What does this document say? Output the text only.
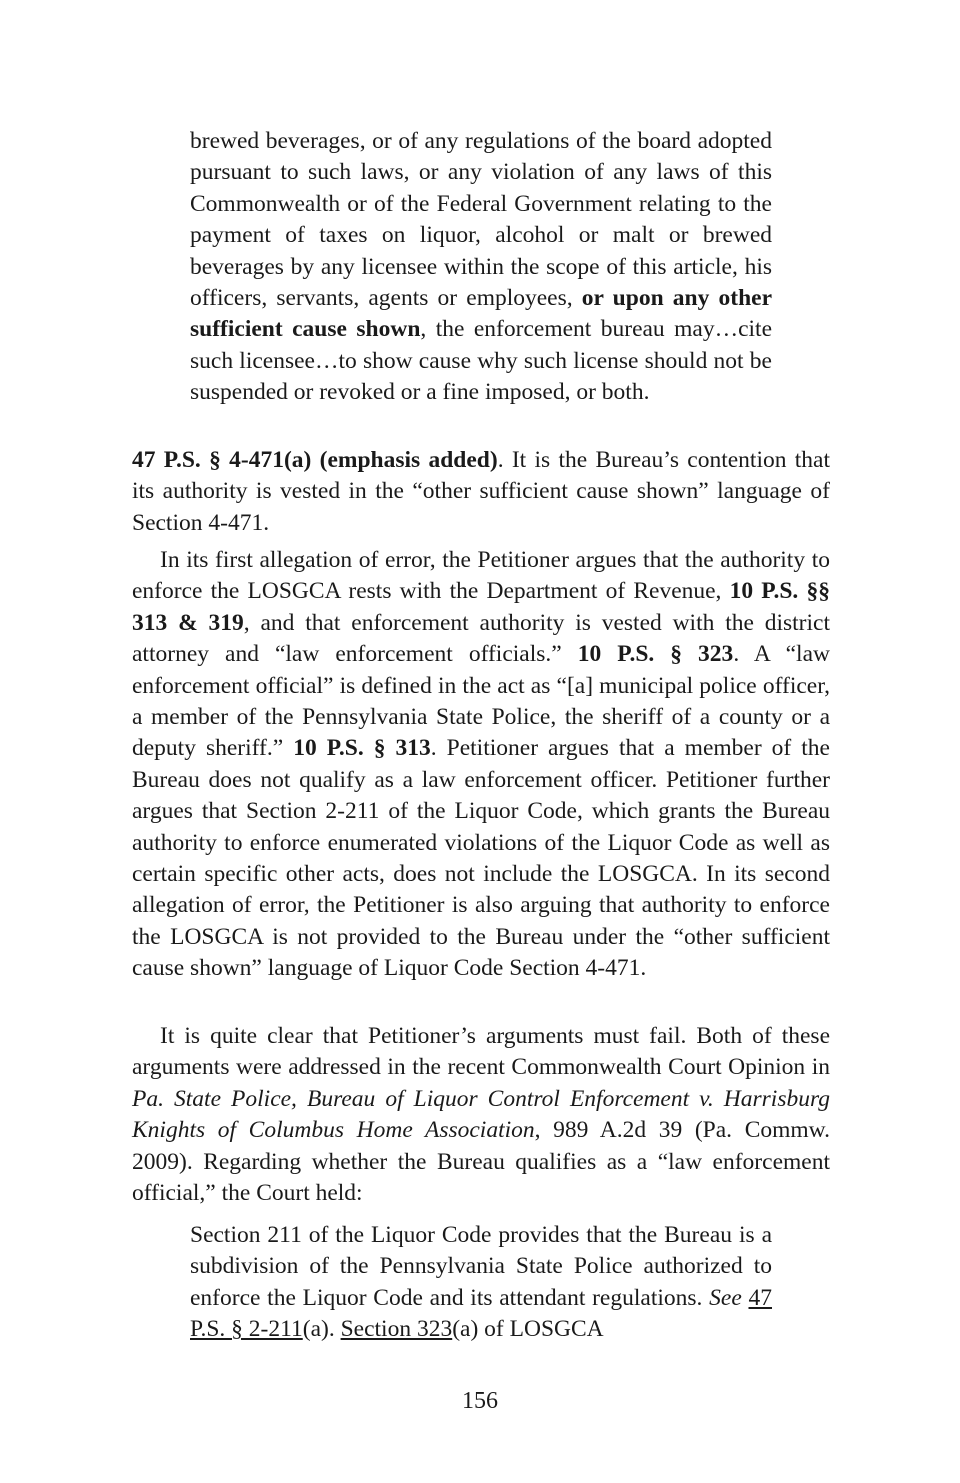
brewed beverages, or of any regulations of the board adopted pursuant to such laws, or any violation of any laws of this Commonwealth or of the Federal Government relating to the payment of taxes on liquor, alcohol or malt or brewed beverages by any licensee within the scope of this article, his officers, servants, agents or employees, or upon any other sufficient cause shown, the enforcement bureau may…cite such licensee…to show cause why such license should not be suspended or revoked or a fine imposed, or both.
47 P.S. § 4-471(a) (emphasis added). It is the Bureau’s contention that its authority is vested in the “other sufficient cause shown” language of Section 4-471.
In its first allegation of error, the Petitioner argues that the authority to enforce the LOSGCA rests with the Department of Revenue, 10 P.S. §§ 313 & 319, and that enforcement authority is vested with the district attorney and “law enforcement officials.” 10 P.S. § 323. A “law enforcement official” is defined in the act as “[a] municipal police officer, a member of the Pennsylvania State Police, the sheriff of a county or a deputy sheriff.” 10 P.S. § 313. Petitioner argues that a member of the Bureau does not qualify as a law enforcement officer. Petitioner further argues that Section 2-211 of the Liquor Code, which grants the Bureau authority to enforce enumerated violations of the Liquor Code as well as certain specific other acts, does not include the LOSGCA. In its second allegation of error, the Petitioner is also arguing that authority to enforce the LOSGCA is not provided to the Bureau under the “other sufficient cause shown” language of Liquor Code Section 4-471.
It is quite clear that Petitioner’s arguments must fail. Both of these arguments were addressed in the recent Commonwealth Court Opinion in Pa. State Police, Bureau of Liquor Control Enforcement v. Harrisburg Knights of Columbus Home Association, 989 A.2d 39 (Pa. Commw. 2009). Regarding whether the Bureau qualifies as a “law enforcement official,” the Court held:
Section 211 of the Liquor Code provides that the Bureau is a subdivision of the Pennsylvania State Police authorized to enforce the Liquor Code and its attendant regulations. See 47 P.S. § 2-211(a). Section 323(a) of LOSGCA
156
